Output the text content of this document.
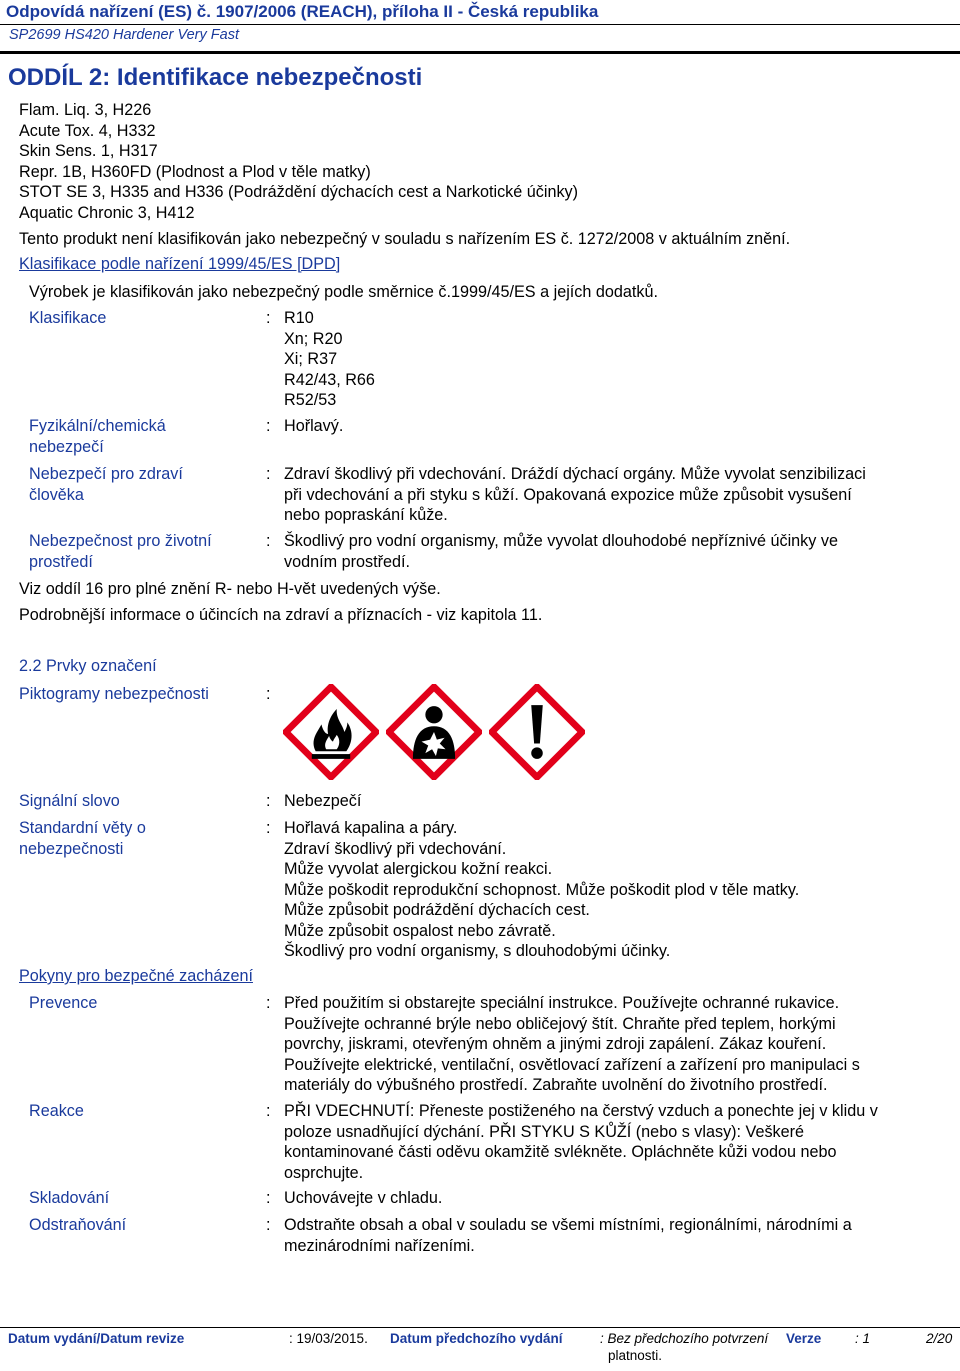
Odpovídá nařízení (ES) č. 1907/2006 (REACH), příloha II - Česká republika
SP2699 HS420 Hardener Very Fast
ODDÍL 2: Identifikace nebezpečnosti
Flam. Liq. 3, H226
Acute Tox. 4, H332
Skin Sens. 1, H317
Repr. 1B, H360FD (Plodnost a Plod v těle matky)
STOT SE 3, H335 and H336 (Podráždění dýchacích cest a Narkotické účinky)
Aquatic Chronic 3, H412
Tento produkt není klasifikován jako nebezpečný v souladu s nařízením ES č. 1272/2008 v aktuálním znění.
Klasifikace podle nařízení 1999/45/ES [DPD]
Výrobek je klasifikován jako nebezpečný podle směrnice č.1999/45/ES a jejích dodatků.
Klasifikace	: R10
Xn; R20
Xi; R37
R42/43, R66
R52/53
Fyzikální/chemická
nebezpečí
: Hořlavý.
Nebezpečí pro zdraví
člověka
: Zdraví škodlivý při vdechování. Dráždí dýchací orgány. Může vyvolat senzibilizaci
při vdechování a při styku s kůží. Opakovaná expozice může způsobit vysušení
nebo popraskání kůže.
Nebezpečnost pro životní
prostředí
: Škodlivý pro vodní organismy, může vyvolat dlouhodobé nepříznivé účinky ve
vodním prostředí.
Viz oddíl 16 pro plné znění R- nebo H-vět uvedených výše.
Podrobnější informace o účincích na zdraví a příznacích - viz kapitola 11.
2.2 Prvky označení
Piktogramy nebezpečnosti	:
Signální slovo	: Nebezpečí
Standardní věty o
nebezpečnosti
: Hořlavá kapalina a páry.
Zdraví škodlivý při vdechování.
Může vyvolat alergickou kožní reakci.
Může poškodit reprodukční schopnost. Může poškodit plod v těle matky.
Může způsobit podráždění dýchacích cest.
Může způsobit ospalost nebo závratě.
Škodlivý pro vodní organismy, s dlouhodobými účinky.
Pokyny pro bezpečné zacházení
Prevence	: Před použitím si obstarejte speciální instrukce. Používejte ochranné rukavice.
Používejte ochranné brýle nebo obličejový štít. Chraňte před teplem, horkými
povrchy, jiskrami, otevřeným ohněm a jinými zdroji zapálení. Zákaz kouření.
Používejte elektrické, ventilační, osvětlovací zařízení a zařízení pro manipulaci s
materiály do výbušného prostředí. Zabraňte uvolnění do životního prostředí.
Reakce	: PŘI VDECHNUTÍ: Přeneste postiženého na čerstvý vzduch a ponechte jej v klidu v
poloze usnadňující dýchání. PŘI STYKU S KŮŽÍ (nebo s vlasy): Veškeré
kontaminované části oděvu okamžitě svlékněte. Opláchněte kůži vodou nebo
osprchujte.
Skladování	: Uchovávejte v chladu.
Odstraňování	: Odstraňte obsah a obal v souladu se všemi místními, regionálními, národními a
mezinárodními nařízeními.
Datum vydání/Datum revize	: 19/03/2015. Datum předchozího vydání	: Bez předchozího potvrzení
platnosti.
Verze : 1	2/20
